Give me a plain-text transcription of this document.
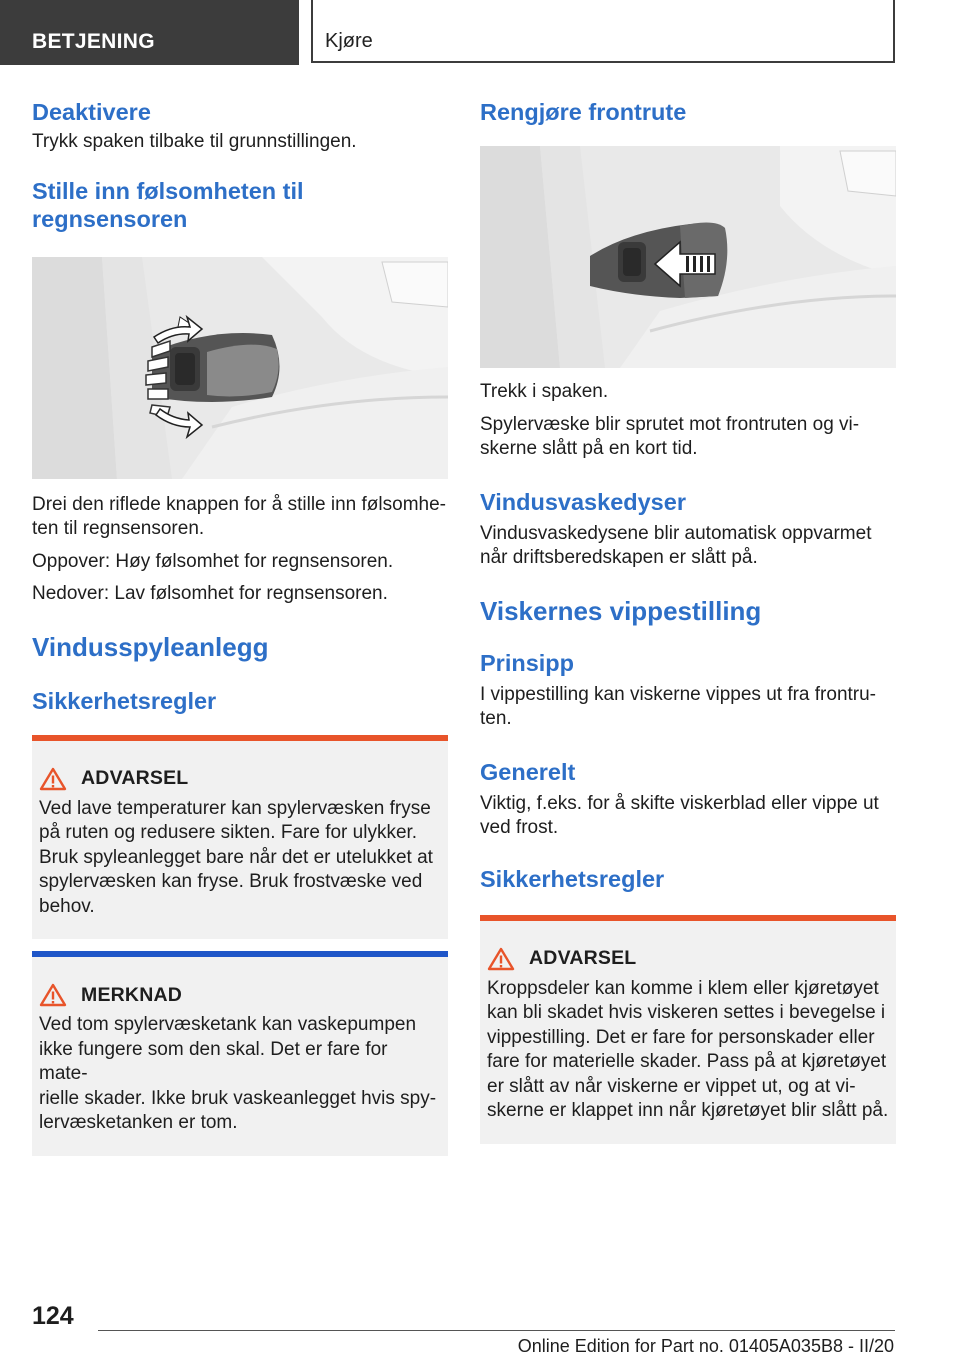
BETJENING	Kjøre
Deaktivere

Trykk spaken tilbake til grunnstillingen.

Stille inn følsomheten til
regnsensoren

Drei den riflede knappen for å stille inn følsomhe‐

ten til regnsensoren.

Oppover: Høy følsomhet for regnsensoren.

Nedover: Lav følsomhet for regnsensoren.

Vindusspyleanlegg
Sikkerhetsregler
ADVARSEL

Ved lave temperaturer kan spylervæsken fryse

på ruten og redusere sikten. Fare for ulykker.

Bruk spyleanlegget bare når det er utelukket at

spylervæsken kan fryse. Bruk frostvæske ved

behov.

MERKNAD

Ved tom spylervæsketank kan vaskepumpen

ikke fungere som den skal. Det er fare for mate‐

rielle skader. Ikke bruk vaskeanlegget hvis spy‐

lervæsketanken er tom.

Rengjøre frontrute

Trekk i spaken.

Spylervæske blir sprutet mot frontruten og vi‐

skerne slått på en kort tid.

Vindusvaskedyser

Vindusvaskedysene blir automatisk oppvarmet

når driftsberedskapen er slått på.

Viskernes vippestilling
Prinsipp

I vippestilling kan viskerne vippes ut fra frontru‐

ten.

Generelt

Viktig, f.eks. for å skifte viskerblad eller vippe ut

ved frost.

Sikkerhetsregler
ADVARSEL

Kroppsdeler kan komme i klem eller kjøretøyet

kan bli skadet hvis viskeren settes i bevegelse i

vippestilling. Det er fare for personskader eller

fare for materielle skader. Pass på at kjøretøyet

er slått av når viskerne er vippet ut, og at vi‐

skerne er klappet inn når kjøretøyet blir slått på.

124
Online Edition for Part no. 01405A035B8 - II/20
